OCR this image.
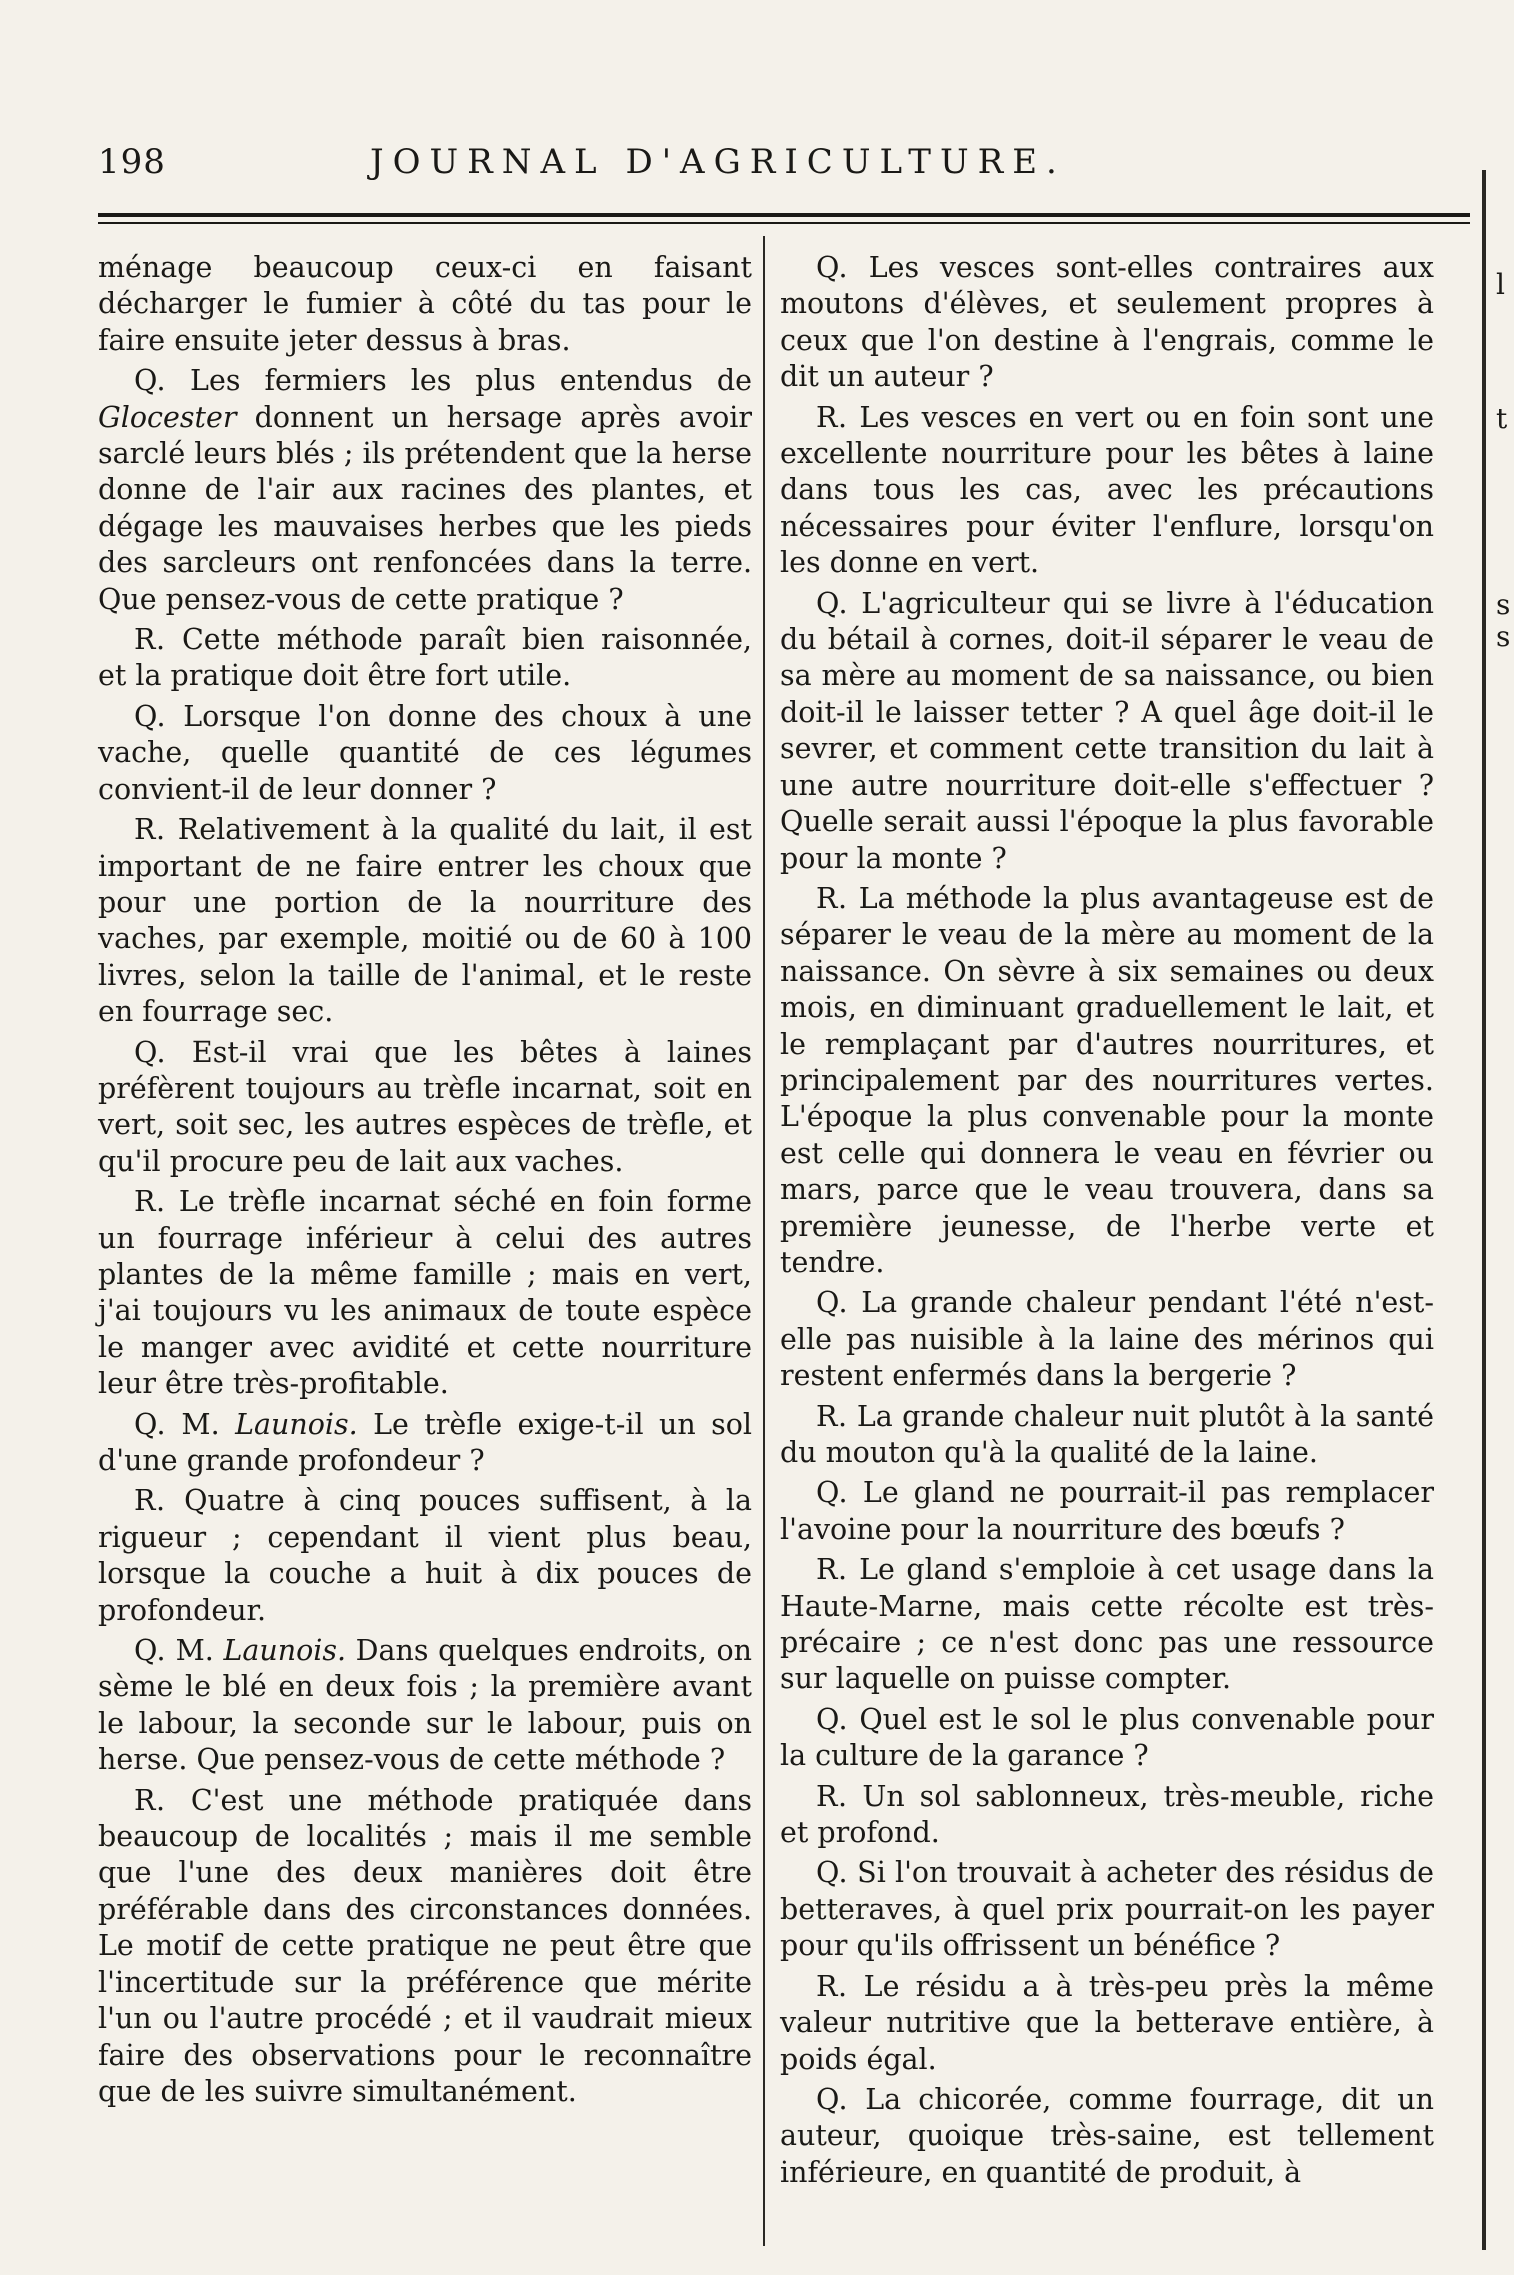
198	JOURNAL D'AGRICULTURE.

ménage beaucoup ceux-ci en faisant décharger le fumier à côté du tas pour le faire ensuite jeter dessus à bras.

Q. Les fermiers les plus entendus de Glocester donnent un hersage après avoir sarclé leurs blés ; ils prétendent que la herse donne de l'air aux racines des plantes, et dégage les mauvaises herbes que les pieds des sarcleurs ont renfoncées dans la terre. Que pensez-vous de cette pratique ?

R. Cette méthode paraît bien raisonnée, et la pratique doit être fort utile.

Q. Lorsque l'on donne des choux à une vache, quelle quantité de ces légumes convient-il de leur donner ?

R. Relativement à la qualité du lait, il est important de ne faire entrer les choux que pour une portion de la nourriture des vaches, par exemple, moitié ou de 60 à 100 livres, selon la taille de l'animal, et le reste en fourrage sec.

Q. Est-il vrai que les bêtes à laines préfèrent toujours au trèfle incarnat, soit en vert, soit sec, les autres espèces de trèfle, et qu'il procure peu de lait aux vaches.

R. Le trèfle incarnat séché en foin forme un fourrage inférieur à celui des autres plantes de la même famille ; mais en vert, j'ai toujours vu les animaux de toute espèce le manger avec avidité et cette nourriture leur être très-profitable.

Q. M. Launois. Le trèfle exige-t-il un sol d'une grande profondeur ?

R. Quatre à cinq pouces suffisent, à la rigueur ; cependant il vient plus beau, lorsque la couche a huit à dix pouces de profondeur.

Q. M. Launois. Dans quelques endroits, on sème le blé en deux fois ; la première avant le labour, la seconde sur le labour, puis on herse. Que pensez-vous de cette méthode ?

R. C'est une méthode pratiquée dans beaucoup de localités ; mais il me semble que l'une des deux manières doit être préférable dans des circonstances données. Le motif de cette pratique ne peut être que l'incertitude sur la préférence que mérite l'un ou l'autre procédé ; et il vaudrait mieux faire des observations pour le reconnaître que de les suivre simultanément.

Q. Les vesces sont-elles contraires aux moutons d'élèves, et seulement propres à ceux que l'on destine à l'engrais, comme le dit un auteur ?

R. Les vesces en vert ou en foin sont une excellente nourriture pour les bêtes à laine dans tous les cas, avec les précautions nécessaires pour éviter l'enflure, lorsqu'on les donne en vert.

Q. L'agriculteur qui se livre à l'éducation du bétail à cornes, doit-il séparer le veau de sa mère au moment de sa naissance, ou bien doit-il le laisser tetter ? A quel âge doit-il le sevrer, et comment cette transition du lait à une autre nourriture doit-elle s'effectuer ? Quelle serait aussi l'époque la plus favorable pour la monte ?

R. La méthode la plus avantageuse est de séparer le veau de la mère au moment de la naissance. On sèvre à six semaines ou deux mois, en diminuant graduellement le lait, et le remplaçant par d'autres nourritures, et principalement par des nourritures vertes. L'époque la plus convenable pour la monte est celle qui donnera le veau en février ou mars, parce que le veau trouvera, dans sa première jeunesse, de l'herbe verte et tendre.

Q. La grande chaleur pendant l'été n'est-elle pas nuisible à la laine des mérinos qui restent enfermés dans la bergerie ?

R. La grande chaleur nuit plutôt à la santé du mouton qu'à la qualité de la laine.

Q. Le gland ne pourrait-il pas remplacer l'avoine pour la nourriture des bœufs ?

R. Le gland s'emploie à cet usage dans la Haute-Marne, mais cette récolte est très-précaire ; ce n'est donc pas une ressource sur laquelle on puisse compter.

Q. Quel est le sol le plus convenable pour la culture de la garance ?

R. Un sol sablonneux, très-meuble, riche et profond.

Q. Si l'on trouvait à acheter des résidus de betteraves, à quel prix pourrait-on les payer pour qu'ils offrissent un bénéfice ?

R. Le résidu a à très-peu près la même valeur nutritive que la betterave entière, à poids égal.

Q. La chicorée, comme fourrage, dit un auteur, quoique très-saine, est tellement inférieure, en quantité de produit, à

l
t
s
s
